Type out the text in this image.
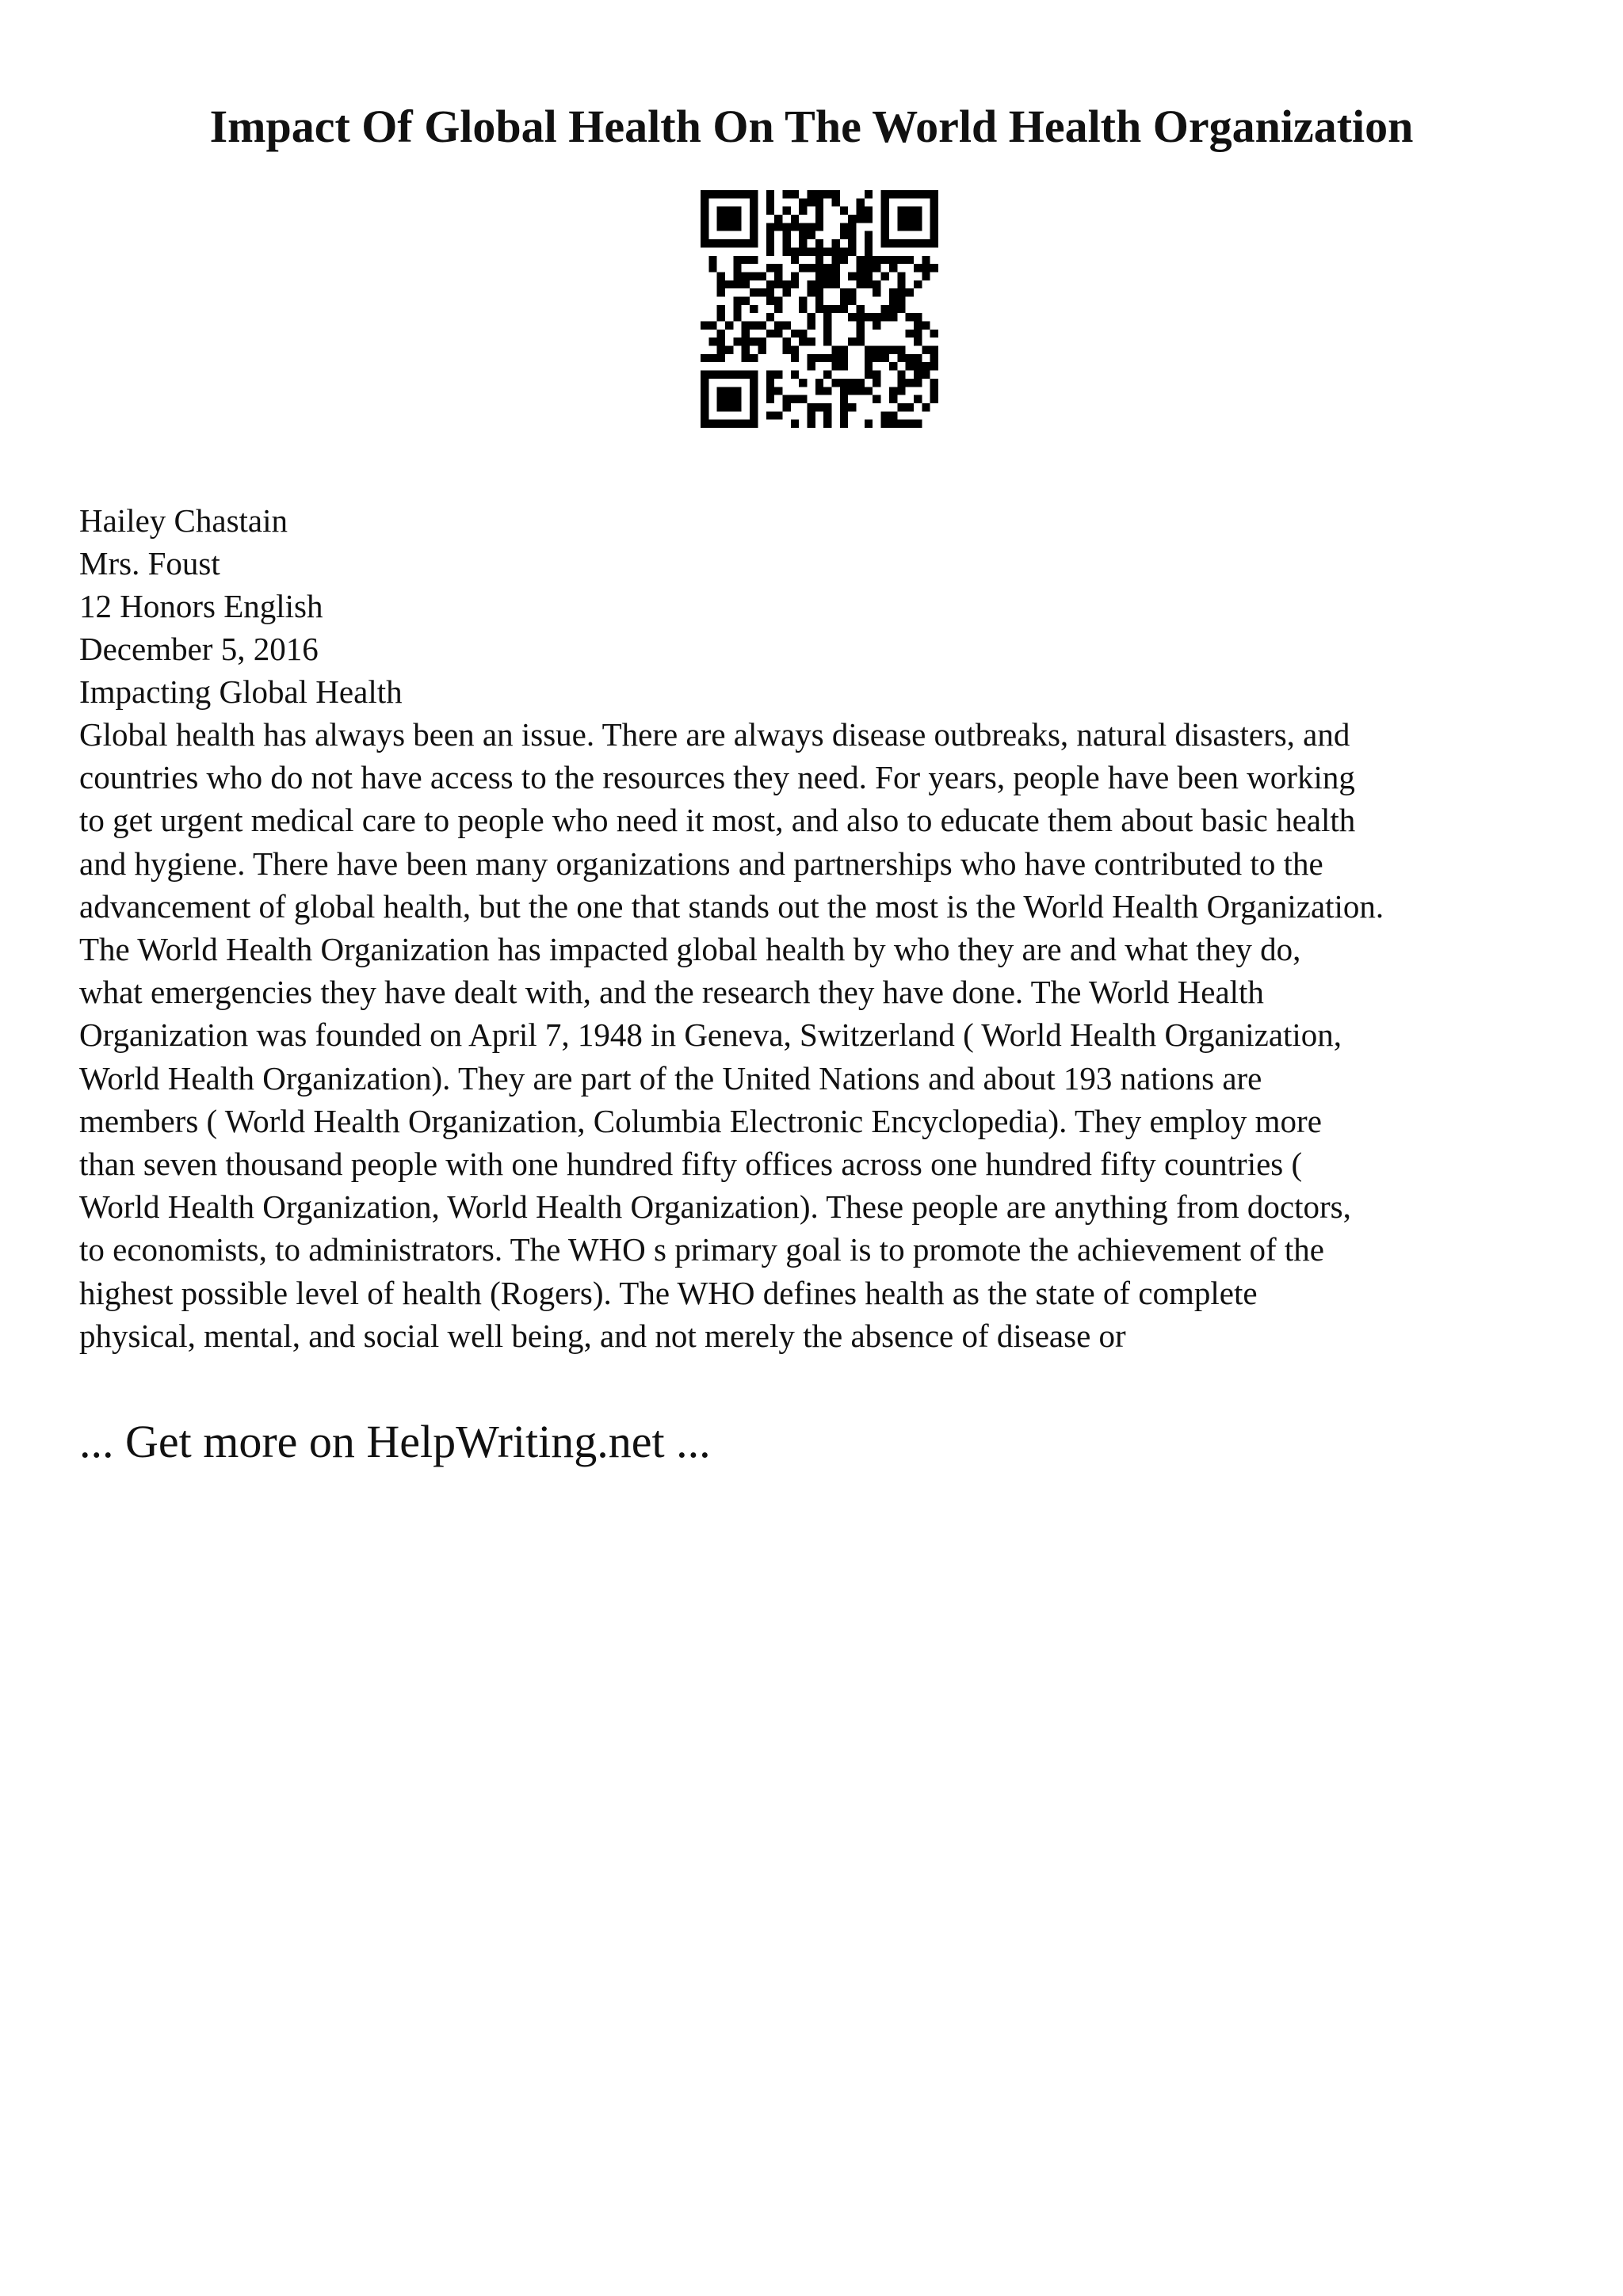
Impact Of Global Health On The World Health Organization
Hailey Chastain
Mrs. Foust
12 Honors English
December 5, 2016
Impacting Global Health

Global health has always been an issue. There are always disease outbreaks, natural disasters, and
countries who do not have access to the resources they need. For years, people have been working
to get urgent medical care to people who need it most, and also to educate them about basic health
and hygiene. There have been many organizations and partnerships who have contributed to the
advancement of global health, but the one that stands out the most is the World Health Organization.
The World Health Organization has impacted global health by who they are and what they do,
what emergencies they have dealt with, and the research they have done. The World Health
Organization was founded on April 7, 1948 in Geneva, Switzerland ( World Health Organization,
World Health Organization). They are part of the United Nations and about 193 nations are
members ( World Health Organization, Columbia Electronic Encyclopedia). They employ more
than seven thousand people with one hundred fifty offices across one hundred fifty countries (
World Health Organization, World Health Organization). These people are anything from doctors,
to economists, to administrators. The WHO s primary goal is to promote the achievement of the
highest possible level of health (Rogers). The WHO defines health as the state of complete
physical, mental, and social well being, and not merely the absence of disease or

... Get more on HelpWriting.net ...
